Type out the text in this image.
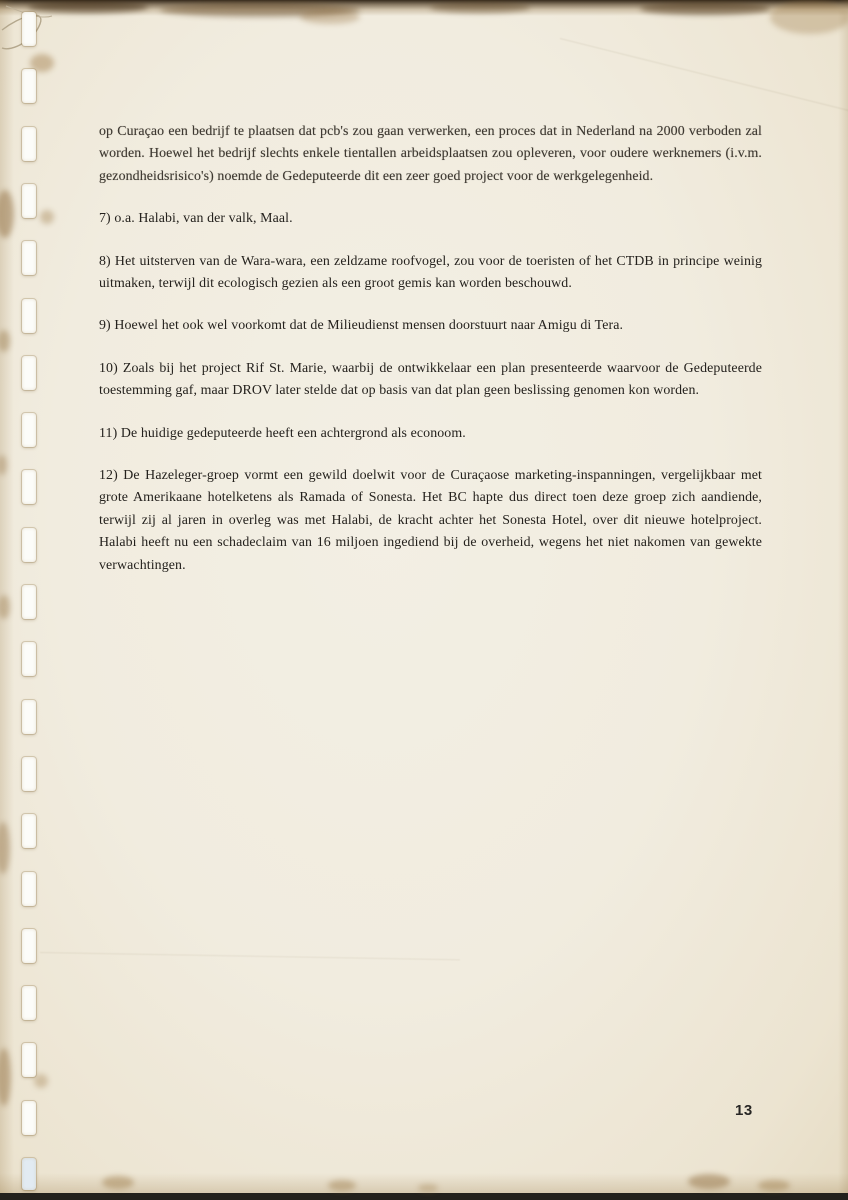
op Curaçao een bedrijf te plaatsen dat pcb's zou gaan verwerken, een proces dat in Nederland na 2000 verboden zal worden. Hoewel het bedrijf slechts enkele tientallen arbeidsplaatsen zou opleveren, voor oudere werknemers (i.v.m. gezondheidsrisico's) noemde de Gedeputeerde dit een zeer goed project voor de werkgelegenheid.

7) o.a. Halabi, van der valk, Maal.

8) Het uitsterven van de Wara-wara, een zeldzame roofvogel, zou voor de toeristen of het CTDB in principe weinig uitmaken, terwijl dit ecologisch gezien als een groot gemis kan worden beschouwd.

9) Hoewel het ook wel voorkomt dat de Milieudienst mensen doorstuurt naar Amigu di Tera.

10) Zoals bij het project Rif St. Marie, waarbij de ontwikkelaar een plan presenteerde waarvoor de Gedeputeerde toestemming gaf, maar DROV later stelde dat op basis van dat plan geen beslissing genomen kon worden.

11) De huidige gedeputeerde heeft een achtergrond als econoom.

12) De Hazeleger-groep vormt een gewild doelwit voor de Curaçaose marketing-inspanningen, vergelijkbaar met grote Amerikaane hotelketens als Ramada of Sonesta. Het BC hapte dus direct toen deze groep zich aandiende, terwijl zij al jaren in overleg was met Halabi, de kracht achter het Sonesta Hotel, over dit nieuwe hotelproject. Halabi heeft nu een schadeclaim van 16 miljoen ingediend bij de overheid, wegens het niet nakomen van gewekte verwachtingen.

13
